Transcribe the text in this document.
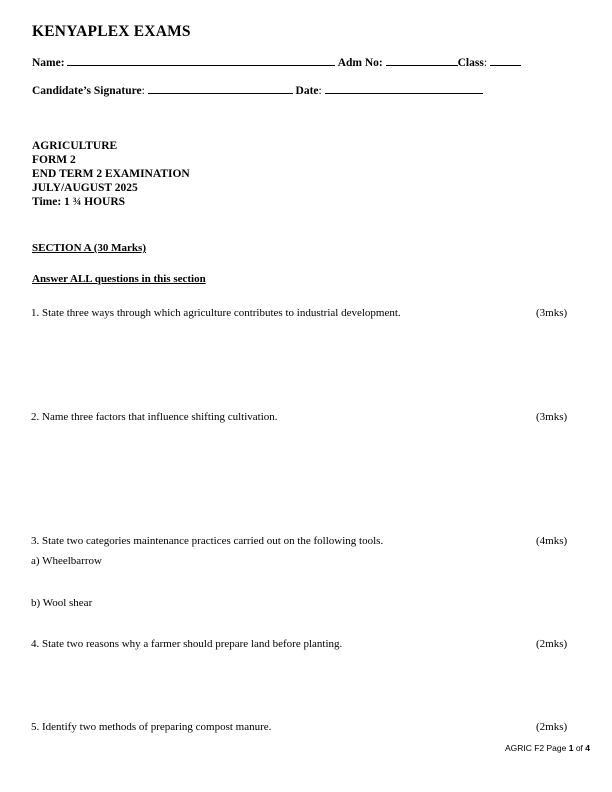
KENYAPLEX EXAMS
Name:	Adm No:	Class:
Candidate’s Signature:	Date:
AGRICULTURE
FORM 2
END TERM 2 EXAMINATION
JULY/AUGUST 2025
Time: 1 ¾ HOURS
SECTION A (30 Marks)
Answer ALL questions in this section
1. State three ways through which agriculture contributes to industrial development.	(3mks)
2. Name three factors that influence shifting cultivation.	(3mks)
3. State two categories maintenance practices carried out on the following tools.	(4mks)
a) Wheelbarrow
b) Wool shear
4. State two reasons why a farmer should prepare land before planting.	(2mks)
5. Identify two methods of preparing compost manure.	(2mks)
AGRIC F2 Page 1 of 4
